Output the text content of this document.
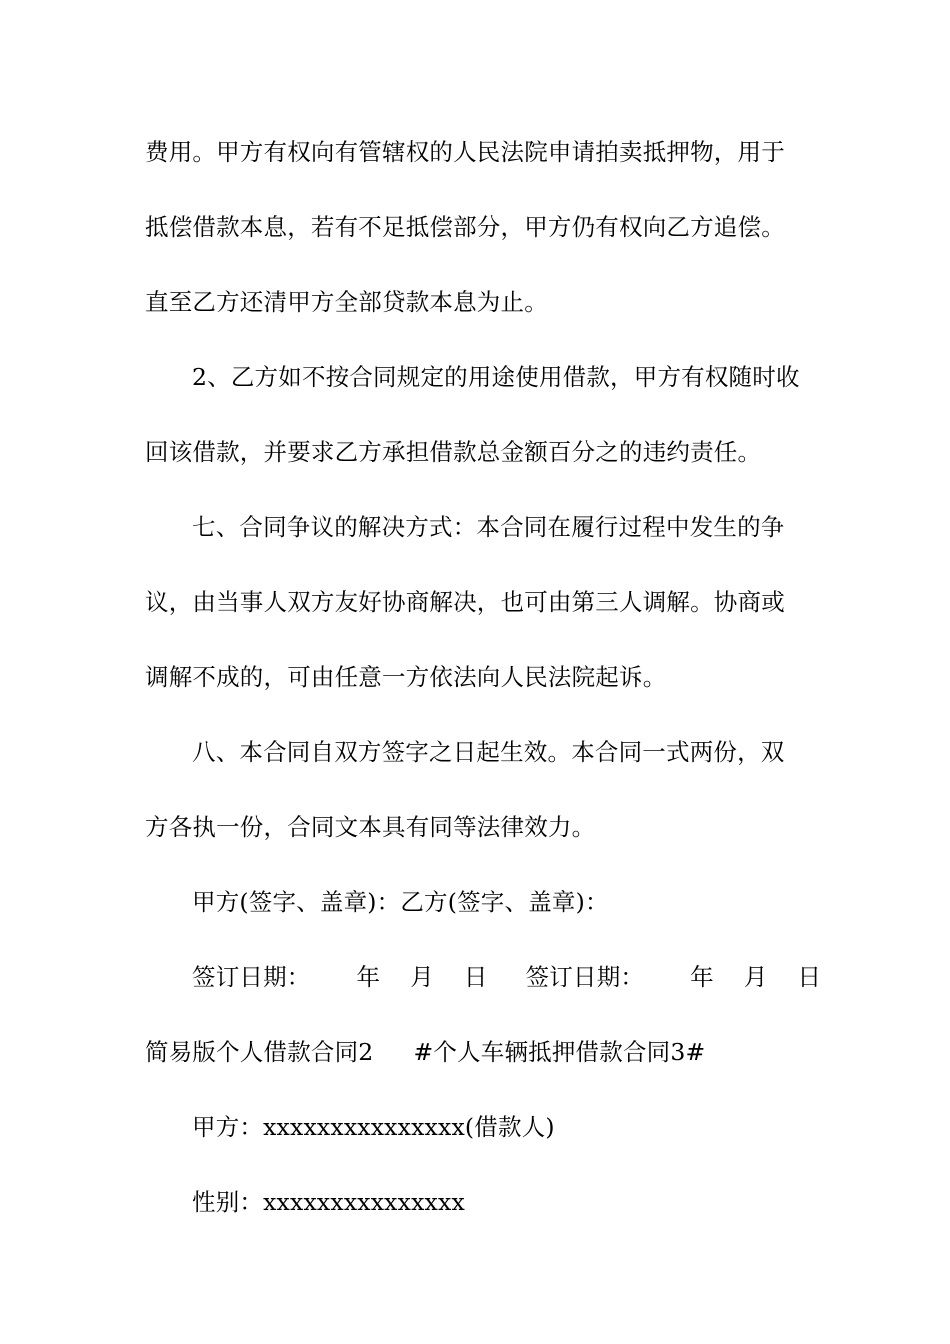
费用。甲方有权向有管辖权的人民法院申请拍卖抵押物，用于
抵偿借款本息，若有不足抵偿部分，甲方仍有权向乙方追偿。
直至乙方还清甲方全部贷款本息为止。
2、乙方如不按合同规定的用途使用借款，甲方有权随时收
回该借款，并要求乙方承担借款总金额百分之的违约责任。
七、合同争议的解决方式：本合同在履行过程中发生的争
议，由当事人双方友好协商解决，也可由第三人调解。协商或
调解不成的，可由任意一方依法向人民法院起诉。
八、本合同自双方签字之日起生效。本合同一式两份，双
方各执一份，合同文本具有同等法律效力。
甲方(签字、盖章)：乙方(签字、盖章)：
签订日期： 年 月 日 签订日期： 年 月 日
简易版个人借款合同2 #个人车辆抵押借款合同3#
甲方：xxxxxxxxxxxxxxx(借款人)
性别：xxxxxxxxxxxxxxx
